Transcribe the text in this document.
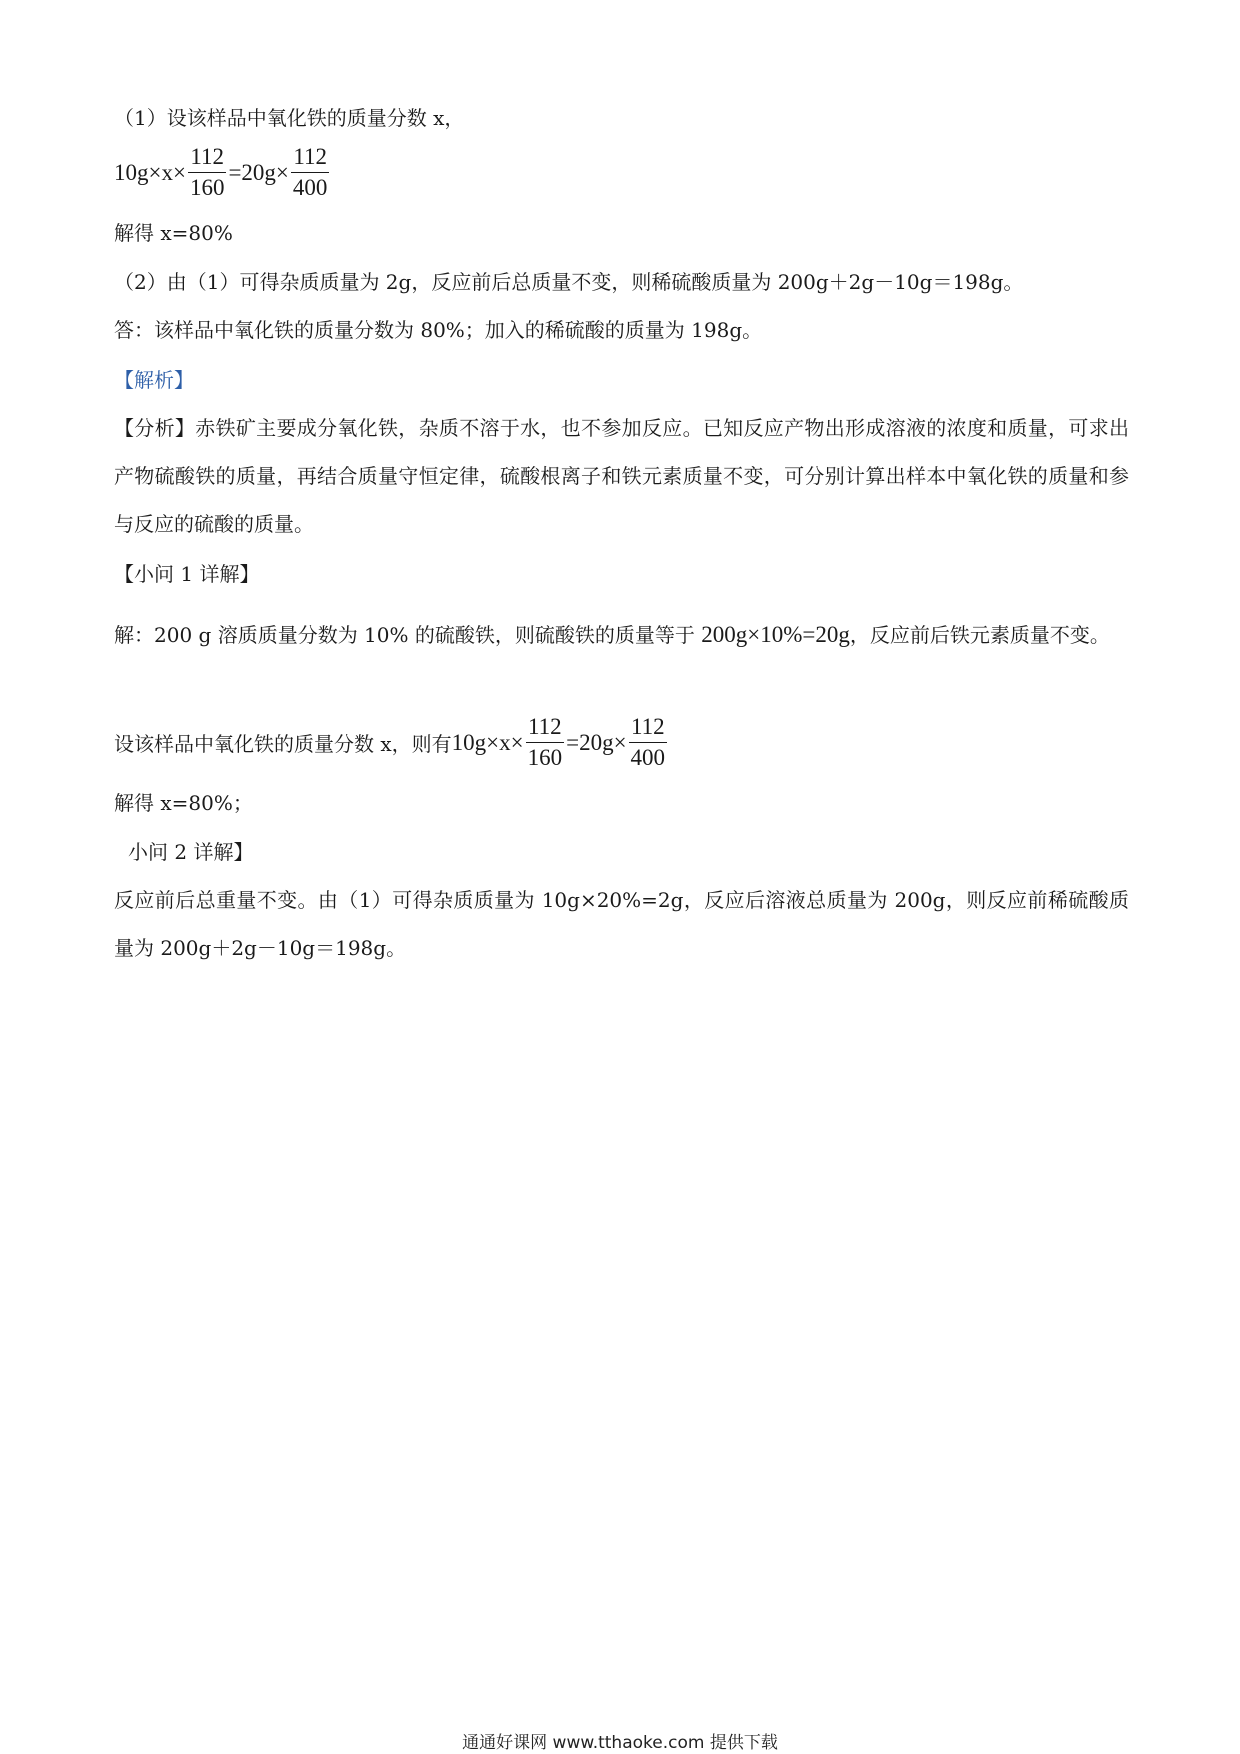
（1）设该样品中氧化铁的质量分数 x，
$10g\times x\times \frac{112}{160} =20g\times \frac{112}{400}$
解得 x=80%
（2）由（1）可得杂质质量为 2g，反应前后总质量不变，则稀硫酸质量为 200g＋2g－10g＝198g。
答：该样品中氧化铁的质量分数为 80%；加入的稀硫酸的质量为 198g。
【解析】
【分析】赤铁矿主要成分氧化铁，杂质不溶于水，也不参加反应。已知反应产物出形成溶液的浓度和质量，可求出产物硫酸铁的质量，再结合质量守恒定律，硫酸根离子和铁元素质量不变，可分别计算出样本中氧化铁的质量和参与反应的硫酸的质量。
【小问 1 详解】
解：200 g 溶质质量分数为 10% 的硫酸铁，则硫酸铁的质量等于 200g×10%=20g，反应前后铁元素质量不变。
设该样品中氧化铁的质量分数 x，则有$10g\times x\times \frac{112}{160} =20g\times \frac{112}{400}$
解得 x=80%；
小问 2 详解】
反应前后总重量不变。由（1）可得杂质质量为 10g×20%=2g，反应后溶液总质量为 200g，则反应前稀硫酸质量为 200g＋2g－10g＝198g。
通通好课网 www.tthaoke.com 提供下载
